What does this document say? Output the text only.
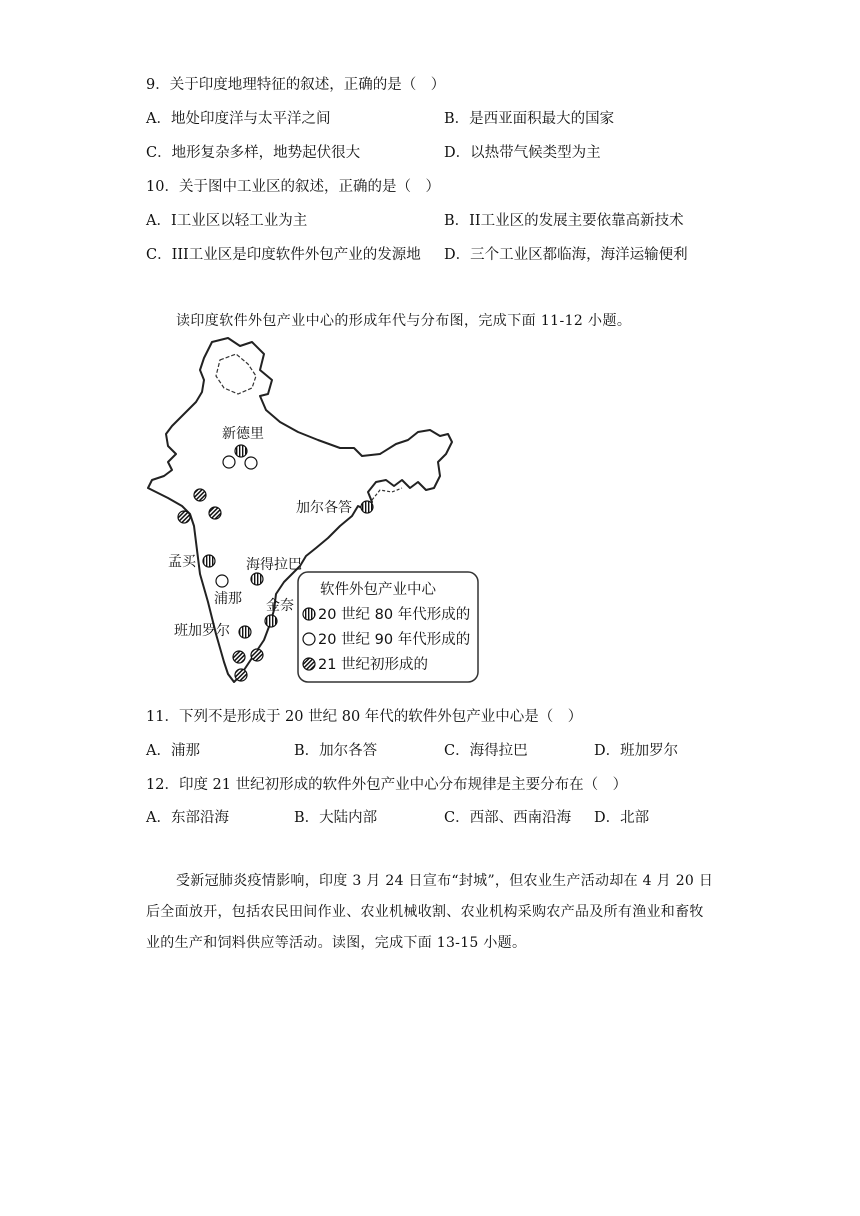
9．关于印度地理特征的叙述，正确的是（　）
A．地处印度洋与太平洋之间	B．是西亚面积最大的国家
C．地形复杂多样，地势起伏很大	D．以热带气候类型为主
10．关于图中工业区的叙述，正确的是（　）
A．I工业区以轻工业为主	B．II工业区的发展主要依靠高新技术
C．III工业区是印度软件外包产业的发源地 D．三个工业区都临海，海洋运输便利
读印度软件外包产业中心的形成年代与分布图，完成下面 11-12 小题。
新德里
加尔各答
孟买	海得拉巴
浦那 金奈
班加罗尔
软件外包产业中心
20 世纪 80 年代形成的
20 世纪 90 年代形成的
21 世纪初形成的
11．下列不是形成于 20 世纪 80 年代的软件外包产业中心是（　）
A．浦那	B．加尔各答	C．海得拉巴	D．班加罗尔
12．印度 21 世纪初形成的软件外包产业中心分布规律是主要分布在（　）
A．东部沿海	B．大陆内部	C．西部、西南沿海 D．北部
受新冠肺炎疫情影响，印度 3 月 24 日宣布“封城”，但农业生产活动却在 4 月 20 日后全面放开，包括农民田间作业、农业机械收割、农业机构采购农产品及所有渔业和畜牧业的生产和饲料供应等活动。读图，完成下面 13-15 小题。
